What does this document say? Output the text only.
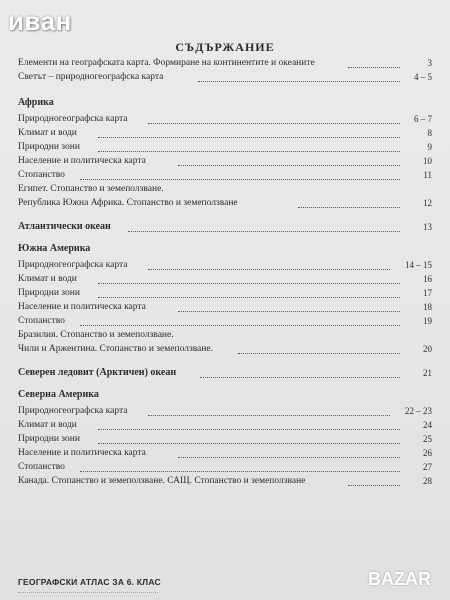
иван
СЪДЪРЖАНИЕ
Елементи на географската карта. Формиране на континентите и океаните	3
Светът – природногеографска карта	4 – 5
Африка
Природногеографска карта	6 – 7
Климат и води	8
Природни зони	9
Население и политическа карта	10
Стопанство	11
Египет. Стопанство и земеползване.
Република Южна Африка. Стопанство и земеползване	12
Атлантически океан	13
Южна Америка
Природногеографска карта	14 – 15
Климат и води	16
Природни зони	17
Население и политическа карта	18
Стопанство	19
Бразилия. Стопанство и земеползване.
Чили и Аржентина. Стопанство и земеползване.	20
Северен ледовит (Арктичен) океан	21
Северна Америка
Природногеографска карта	22 – 23
Климат и води	24
Природни зони	25
Население и политическа карта	26
Стопанство	27
Канада. Стопанство и земеползване. САЩ. Стопанство и земеползване	28
ГЕОГРАФСКИ АТЛАС ЗА 6. КЛАС	BAZAR
